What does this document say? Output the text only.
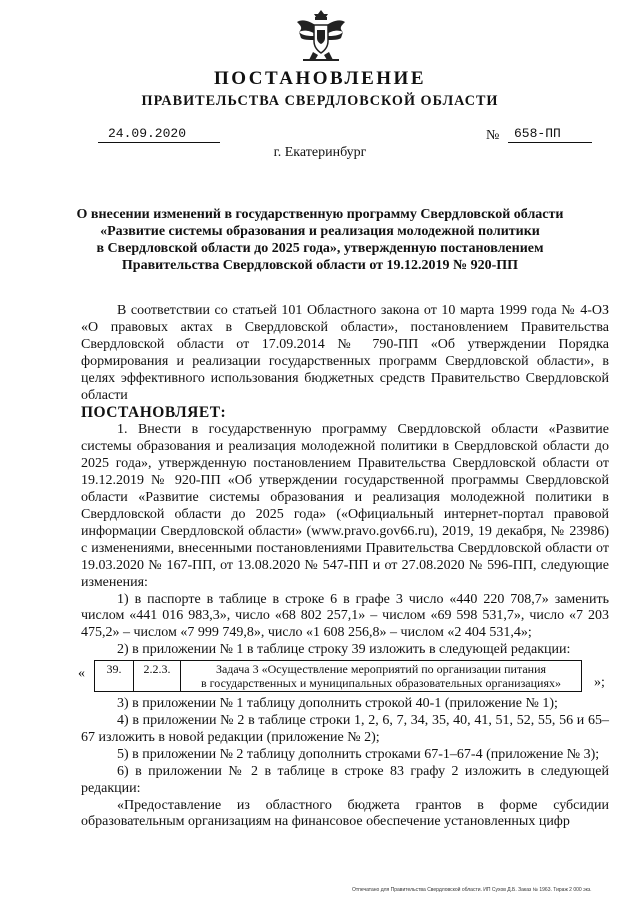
ПОСТАНОВЛЕНИЕ
ПРАВИТЕЛЬСТВА СВЕРДЛОВСКОЙ ОБЛАСТИ
24.09.2020	№ 658-ПП
г. Екатеринбург
О внесении изменений в государственную программу Свердловской области
«Развитие системы образования и реализация молодежной политики
в Свердловской области до 2025 года», утвержденную постановлением
Правительства Свердловской области от 19.12.2019 № 920-ПП

В соответствии со статьей 101 Областного закона от 10 марта 1999 года № 4-ОЗ «О правовых актах в Свердловской области», постановлением Правительства Свердловской области от 17.09.2014 № 790-ПП «Об утверждении Порядка формирования и реализации государственных программ Свердловской области», в целях эффективного использования бюджетных средств Правительство Свердловской области

ПОСТАНОВЛЯЕТ:

1. Внести в государственную программу Свердловской области «Развитие системы образования и реализация молодежной политики в Свердловской области до 2025 года», утвержденную постановлением Правительства Свердловской области от 19.12.2019 № 920-ПП «Об утверждении государственной программы Свердловской области «Развитие системы образования и реализация молодежной политики в Свердловской области до 2025 года» («Официальный интернет-портал правовой информации Свердловской области» (www.pravo.gov66.ru), 2019, 19 декабря, № 23986) с изменениями, внесенными постановлениями Правительства Свердловской области от 19.03.2020 № 167-ПП, от 13.08.2020 № 547-ПП и от 27.08.2020 № 596-ПП, следующие изменения:

1) в паспорте в таблице в строке 6 в графе 3 число «440 220 708,7» заменить числом «441 016 983,3», число «68 802 257,1» – числом «69 598 531,7», число «7 203 475,2» – числом «7 999 749,8», число «1 608 256,8» – числом «2 404 531,4»;

2) в приложении № 1 в таблице строку 39 изложить в следующей редакции:

« 39.	2.2.3.	Задача 3 «Осуществление мероприятий по организации питания
в государственных и муниципальных образовательных организациях»	»;

3) в приложении № 1 таблицу дополнить строкой 40-1 (приложение № 1);

4) в приложении № 2 в таблице строки 1, 2, 6, 7, 34, 35, 40, 41, 51, 52, 55, 56 и 65–67 изложить в новой редакции (приложение № 2);

5) в приложении № 2 таблицу дополнить строками 67-1–67-4 (приложение № 3);

6) в приложении № 2 в таблице в строке 83 графу 2 изложить в следующей редакции:

«Предоставление из областного бюджета грантов в форме субсидии образовательным организациям на финансовое обеспечение установленных цифр

Отпечатано для Правительства Свердловской области. ИП Сухов Д.Б. Заказ № 1963. Тираж 2 000 экз.
